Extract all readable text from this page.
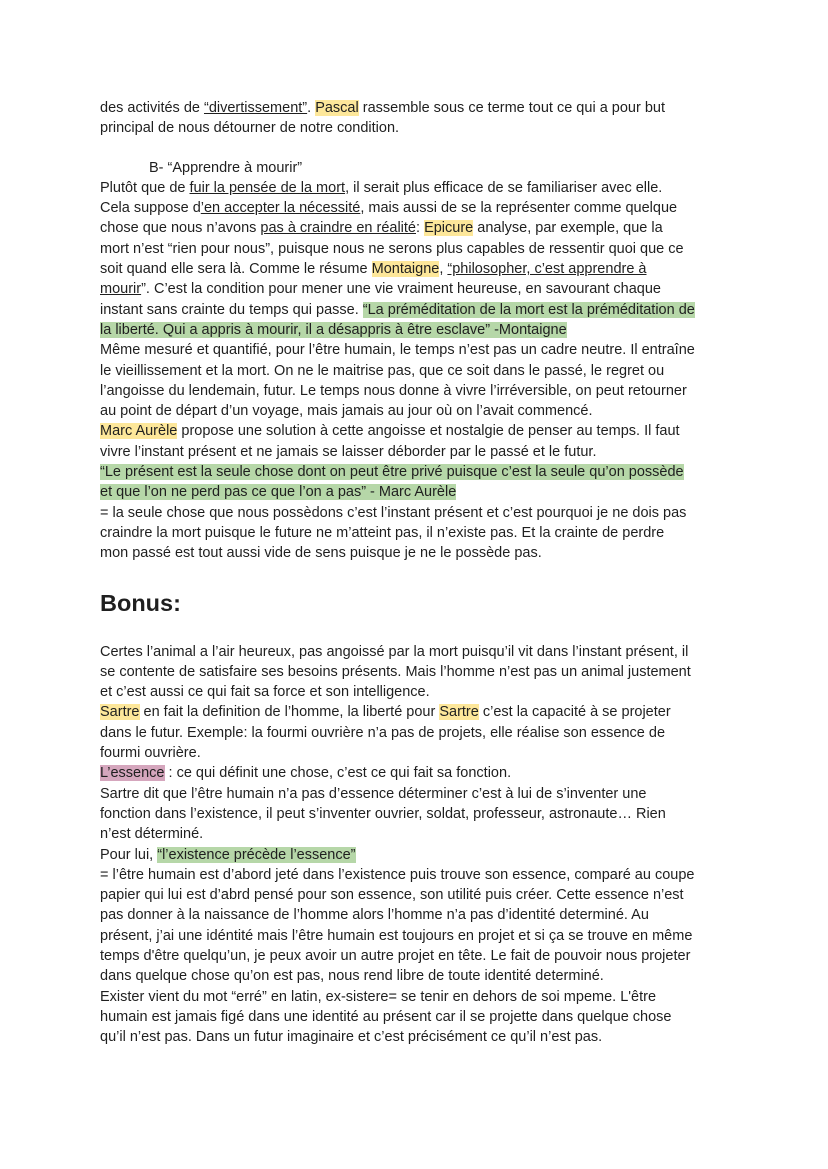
des activités de “divertissement”. Pascal rassemble sous ce terme tout ce qui a pour but
principal de nous détourner de notre condition.
B- “Apprendre à mourir”
Plutôt que de fuir la pensée de la mort, il serait plus efficace de se familiariser avec elle.
Cela suppose d’en accepter la nécessité, mais aussi de se la représenter comme quelque
chose que nous n’avons pas à craindre en réalité: Epicure analyse, par exemple, que la
mort n’est “rien pour nous”, puisque nous ne serons plus capables de ressentir quoi que ce
soit quand elle sera là. Comme le résume Montaigne, “philosopher, c’est apprendre à
mourir”. C’est la condition pour mener une vie vraiment heureuse, en savourant chaque
instant sans crainte du temps qui passe. “La préméditation de la mort est la préméditation de
la liberté. Qui a appris à mourir, il a désappris à être esclave” -Montaigne
Même mesuré et quantifié, pour l’être humain, le temps n’est pas un cadre neutre. Il entraîne
le vieillissement et la mort. On ne le maitrise pas, que ce soit dans le passé, le regret ou
l’angoisse du lendemain, futur. Le temps nous donne à vivre l’irréversible, on peut retourner
au point de départ d’un voyage, mais jamais au jour où on l’avait commencé.
Marc Aurèle propose une solution à cette angoisse et nostalgie de penser au temps. Il faut
vivre l’instant présent et ne jamais se laisser déborder par le passé et le futur.
“Le présent est la seule chose dont on peut être privé puisque c’est la seule qu’on possède
et que l’on ne perd pas ce que l’on a pas” - Marc Aurèle
= la seule chose que nous possèdons c’est l’instant présent et c’est pourquoi je ne dois pas
craindre la mort puisque le future ne m’atteint pas, il n’existe pas. Et la crainte de perdre
mon passé est tout aussi vide de sens puisque je ne le possède pas.
Bonus:
Certes l’animal a l’air heureux, pas angoissé par la mort puisqu’il vit dans l’instant présent, il
se contente de satisfaire ses besoins présents. Mais l’homme n’est pas un animal justement
et c’est aussi ce qui fait sa force et son intelligence.
Sartre en fait la definition de l’homme, la liberté pour Sartre c’est la capacité à se projeter
dans le futur. Exemple: la fourmi ouvrière n’a pas de projets, elle réalise son essence de
fourmi ouvrière.
L’essence : ce qui définit une chose, c’est ce qui fait sa fonction.
Sartre dit que l’être humain n’a pas d’essence déterminer c’est à lui de s’inventer une
fonction dans l’existence, il peut s’inventer ouvrier, soldat, professeur, astronaute… Rien
n’est déterminé.
Pour lui, “l’existence précède l’essence”
= l’être humain est d’abord jeté dans l’existence puis trouve son essence, comparé au coupe
papier qui lui est d’abrd pensé pour son essence, son utilité puis créer. Cette essence n’est
pas donner à la naissance de l’homme alors l’homme n’a pas d’identité determiné. Au
présent, j’ai une idéntité mais l’être humain est toujours en projet et si ça se trouve en même
temps d'être quelqu’un, je peux avoir un autre projet en tête. Le fait de pouvoir nous projeter
dans quelque chose qu’on est pas, nous rend libre de toute identité determiné.
Exister vient du mot “erré” en latin, ex-sistere= se tenir en dehors de soi mpeme. L'être
humain est jamais figé dans une identité au présent car il se projette dans quelque chose
qu’il n’est pas. Dans un futur imaginaire et c’est précisément ce qu’il n’est pas.
